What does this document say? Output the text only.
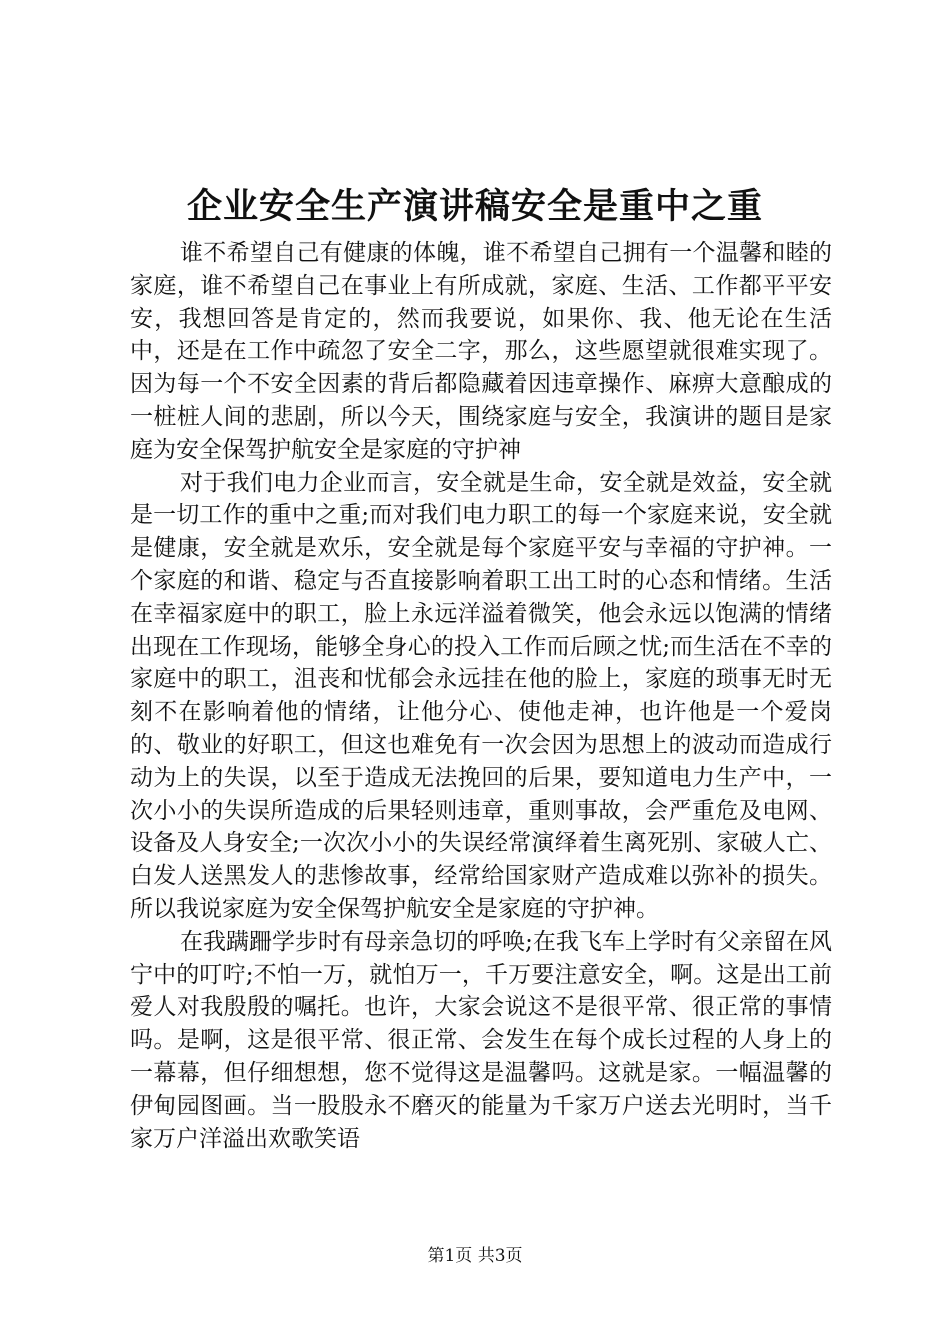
企业安全生产演讲稿安全是重中之重

谁不希望自己有健康的体魄，谁不希望自己拥有一个温馨和睦的家庭，谁不希望自己在事业上有所成就，家庭、生活、工作都平平安安，我想回答是肯定的，然而我要说，如果你、我、他无论在生活中，还是在工作中疏忽了安全二字，那么，这些愿望就很难实现了。因为每一个不安全因素的背后都隐藏着因违章操作、麻痹大意酿成的一桩桩人间的悲剧，所以今天，围绕家庭与安全，我演讲的题目是家庭为安全保驾护航安全是家庭的守护神

对于我们电力企业而言，安全就是生命，安全就是效益，安全就是一切工作的重中之重;而对我们电力职工的每一个家庭来说，安全就是健康，安全就是欢乐，安全就是每个家庭平安与幸福的守护神。一个家庭的和谐、稳定与否直接影响着职工出工时的心态和情绪。生活在幸福家庭中的职工，脸上永远洋溢着微笑，他会永远以饱满的情绪出现在工作现场，能够全身心的投入工作而后顾之忧;而生活在不幸的家庭中的职工，沮丧和忧郁会永远挂在他的脸上，家庭的琐事无时无刻不在影响着他的情绪，让他分心、使他走神，也许他是一个爱岗的、敬业的好职工，但这也难免有一次会因为思想上的波动而造成行动为上的失误，以至于造成无法挽回的后果，要知道电力生产中，一次小小的失误所造成的后果轻则违章，重则事故，会严重危及电网、设备及人身安全;一次次小小的失误经常演绎着生离死别、家破人亡、白发人送黑发人的悲惨故事，经常给国家财产造成难以弥补的损失。所以我说家庭为安全保驾护航安全是家庭的守护神。

在我蹒跚学步时有母亲急切的呼唤;在我飞车上学时有父亲留在风宁中的叮咛;不怕一万，就怕万一，千万要注意安全，啊。这是出工前爱人对我殷殷的嘱托。也许，大家会说这不是很平常、很正常的事情吗。是啊，这是很平常、很正常、会发生在每个成长过程的人身上的一幕幕，但仔细想想，您不觉得这是温馨吗。这就是家。一幅温馨的伊甸园图画。当一股股永不磨灭的能量为千家万户送去光明时，当千家万户洋溢出欢歌笑语

第1页 共3页
